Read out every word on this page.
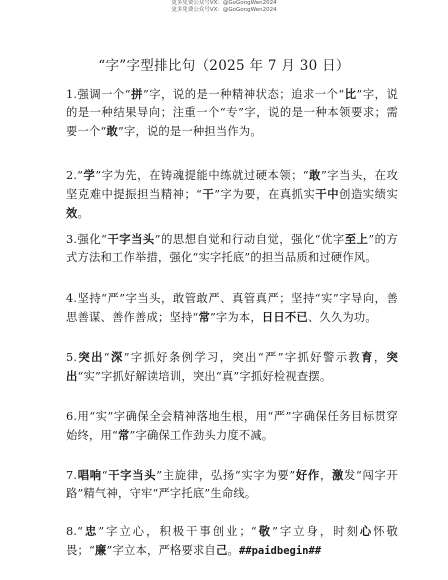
更多免费公众号VX：@GoGongWen2024
更多免费公众号VX：@GoGongWen2024
“字”字型排比句（2025 年 7 月 30 日）

1.强调一个“拼”字，说的是一种精神状态；追求一个“比”字，说的是一种结果导向；注重一个“专”字，说的是一种本领要求；需要一个“敢”字，说的是一种担当作为。

2.“学”字为先，在铸魂提能中练就过硬本领；“敢”字当头，在攻坚克难中提振担当精神；“干”字为要，在真抓实干中创造实绩实效。

3.强化“干字当头”的思想自觉和行动自觉，强化“优字至上”的方式方法和工作举措，强化“实字托底”的担当品质和过硬作风。

4.坚持“严”字当头，敢管敢严、真管真严；坚持“实”字导向，善思善谋、善作善成；坚持“常”字为本，日日不已、久久为功。

5.突出“深”字抓好条例学习，突出“严”字抓好警示教育，突出“实”字抓好解读培训，突出“真”字抓好检视查摆。

6.用“实”字确保全会精神落地生根，用“严”字确保任务目标贯穿始终，用“常”字确保工作劲头力度不减。

7.唱响“干字当头”主旋律，弘扬“实字为要”好作，激发“闯字开路”精气神，守牢“严字托底”生命线。

8.“忠”字立心，积极干事创业；“敬”字立身，时刻心怀敬畏；“廉”字立本，严格要求自己。##paidbegin##
